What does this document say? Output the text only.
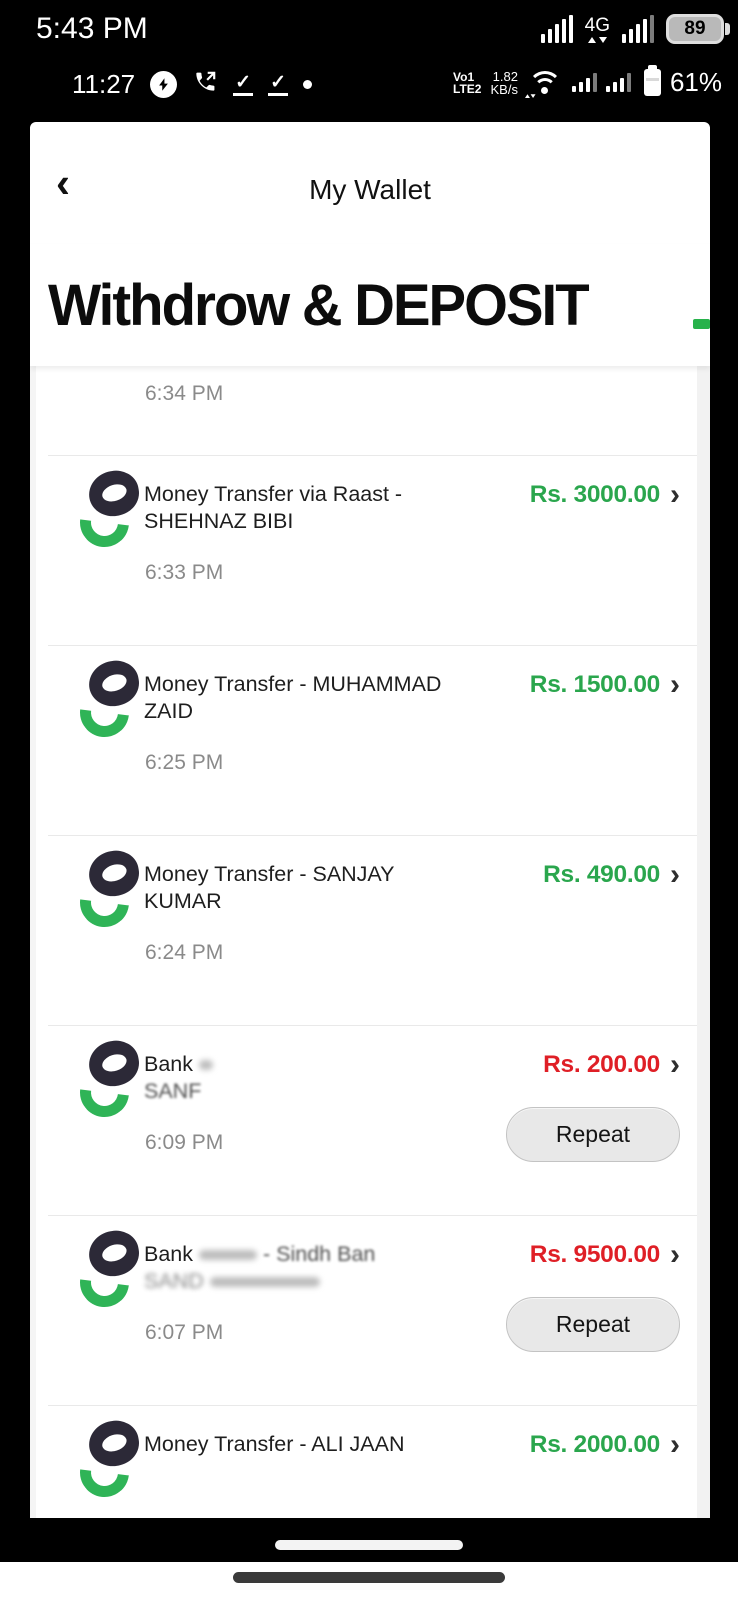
5:43 PM	4G	89
11:27	✓ ✓	Vo1
LTE2
1.82
KB/s	61%
‹	My Wallet
Withdrow & DEPOSIT
6:34 PM
Money Transfer via Raast -
SHEHNAZ BIBI
Rs. 3000.00 ›
6:33 PM
Money Transfer - MUHAMMAD
ZAID
Rs. 1500.00 ›
6:25 PM
Money Transfer - SANJAY KUMAR
Rs. 490.00 ›
6:24 PM
Bank
SANF
Rs. 200.00 ›
6:09 PM	Repeat
Bank	- Sindh Ban
SAND
Rs. 9500.00 ›
6:07 PM	Repeat
Money Transfer - ALI JAAN	Rs. 2000.00 ›
